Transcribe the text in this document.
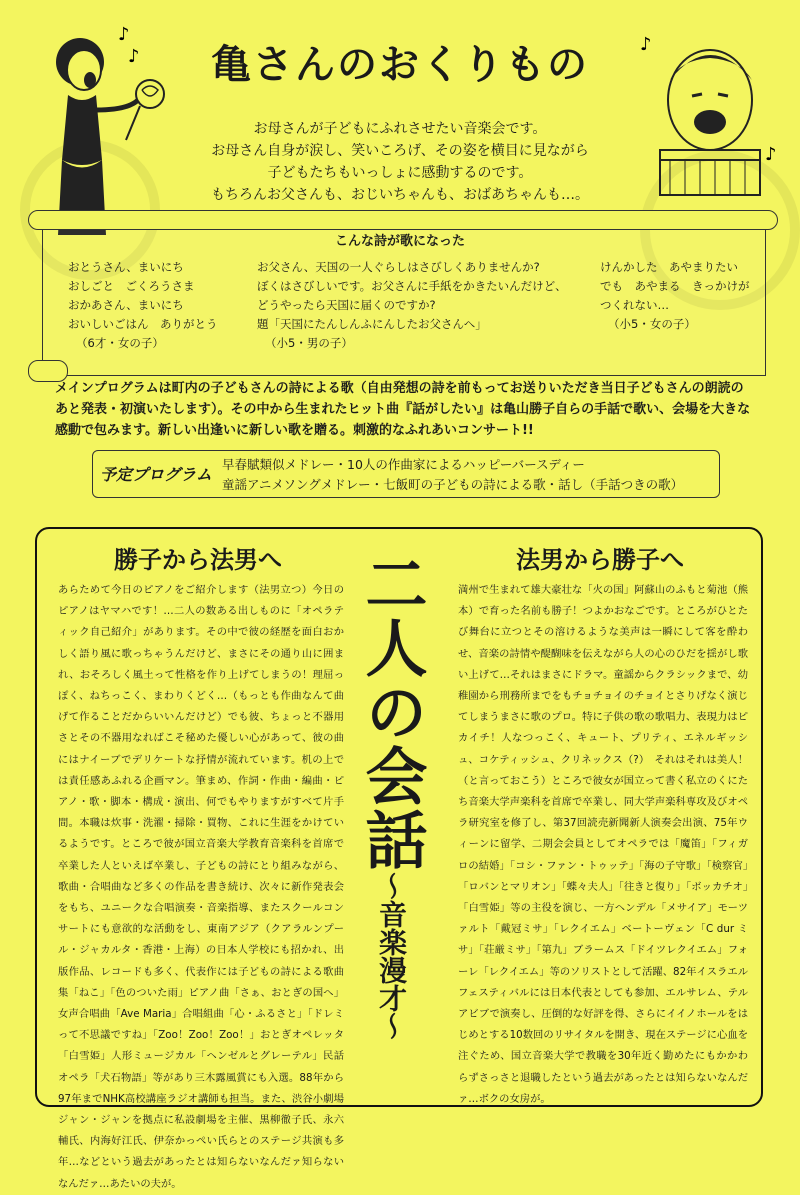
♪
♪
♪
♪
亀さんのおくりもの
お母さんが子どもにふれさせたい音楽会です。
お母さん自身が涙し、笑いころげ、その姿を横目に見ながら
子どもたちもいっしょに感動するのです。
もちろんお父さんも、おじいちゃんも、おばあちゃんも…。
こんな詩が歌になった
おとうさん、まいにち
おしごと　ごくろうさま
おかあさん、まいにち
おいしいごはん　ありがとう
（6才・女の子）
お父さん、天国の一人ぐらしはさびしくありませんか?
ぼくはさびしいです。お父さんに手紙をかきたいんだけど、
どうやったら天国に届くのですか?
題「天国にたんしんふにんしたお父さんへ」
（小5・男の子）
けんかした　あやまりたい
でも　あやまる　きっかけが
つくれない…
（小5・女の子）
メインプログラムは町内の子どもさんの詩による歌（自由発想の詩を前もってお送りいただき当日子どもさんの朗読のあと発表・初演いたします）。その中から生まれたヒット曲『話がしたい』は亀山勝子自らの手話で歌い、会場を大きな感動で包みます。新しい出逢いに新しい歌を贈る。刺激的なふれあいコンサート!!
予定プログラム
早春賦類似メドレー・10人の作曲家によるハッピーバースディー
童謡アニメソングメドレー・七飯町の子どもの詩による歌・話し（手話つきの歌）
勝子から法男へ
あらためて今日のピアノをご紹介します（法男立つ）今日のピアノはヤマハです！…二人の数ある出しものに「オペラティック自己紹介」があります。その中で彼の経歴を面白おかしく語り風に歌っちゃうんだけど、まさにその通り山に囲まれ、おそろしく風土って性格を作り上げてしまうの！理屈っぽく、ねちっこく、まわりくどく…（もっとも作曲なんて曲げて作ることだからいいんだけど）でも彼、ちょっと不器用さとその不器用なればこそ秘めた優しい心があって、彼の曲にはナイーブでデリケートな抒情が流れています。机の上では責任感あふれる企画マン。筆まめ、作詞・作曲・編曲・ピアノ・歌・脚本・構成・演出、何でもやりますがすべて片手間。本職は炊事・洗濯・掃除・買物、これに生涯をかけているようです。ところで彼が国立音楽大学教育音楽科を首席で卒業した人といえば卒業し、子どもの詩にとり組みながら、歌曲・合唱曲など多くの作品を書き続け、次々に新作発表会をもち、ユニークな合唱演奏・音楽指導、またスクールコンサートにも意欲的な活動をし、東南アジア（クアラルンプール・ジャカルタ・香港・上海）の日本人学校にも招かれ、出版作品、レコードも多く、代表作には子どもの詩による歌曲集「ねこ」「色のついた雨」ピアノ曲「さぁ、おとぎの国へ」女声合唱曲「Ave Maria」合唱組曲「心・ふるさと」「ドレミって不思議ですね」「Zoo！Zoo！Zoo！」おとぎオペレッタ「白雪姫」人形ミュージカル「ヘンゼルとグレーテル」民話オペラ「犬石物語」等があり三木露風賞にも入選。88年から97年までNHK高校講座ラジオ講師も担当。また、渋谷小劇場ジャン・ジャンを拠点に私設劇場を主催、黒柳徹子氏、永六輔氏、内海好江氏、伊奈かっぺい氏らとのステージ共演も多年…などという過去があったとは知らないなんだァ知らないなんだァ…あたいの夫が。
二人の会話〜音楽漫才〜
法男から勝子へ
満州で生まれて雄大豪壮な「火の国」阿蘇山のふもと菊池（熊本）で育った名前も勝子！つよかおなごです。ところがひとたび舞台に立つとその溶けるような美声は一瞬にして客を酔わせ、音楽の詩情や醍醐味を伝えながら人の心のひだを揺がし歌い上げて…それはまさにドラマ。童謡からクラシックまで、幼稚園から刑務所までをもチョチョイのチョイとさりげなく演じてしまうまさに歌のプロ。特に子供の歌の歌唱力、表現力はピカイチ！人なつっこく、キュート、プリティ、エネルギッシュ、コケティッシュ、クリネックス（?）　それはそれは美人！（と言っておこう）ところで彼女が国立って書く私立のくにたち音楽大学声楽科を首席で卒業し、同大学声楽科専攻及びオペラ研究室を修了し、第37回読売新聞新人演奏会出演、75年ウィーンに留学、二期会会員としてオペラでは「魔笛」「フィガロの結婚」「コシ・ファン・トゥッテ」「海の子守歌」「検察官」「ロバンとマリオン」「蝶々夫人」「往きと復り」「ボッカチオ」「白雪姫」等の主役を演じ、一方ヘンデル「メサイア」モーツァルト「戴冠ミサ」「レクイエム」ベートーヴェン「C dur ミサ」「荘厳ミサ」「第九」ブラームス「ドイツレクイエム」フォーレ「レクイエム」等のソリストとして活躍、82年イスラエルフェスティバルには日本代表としても参加、エルサレム、テルアビブで演奏し、圧倒的な好評を得、さらにイイノホールをはじめとする10数回のリサイタルを開き、現在ステージに心血を注ぐため、国立音楽大学で教職を30年近く勤めたにもかかわらずさっさと退職したという過去があったとは知らないなんだァ…ボクの女房が。
